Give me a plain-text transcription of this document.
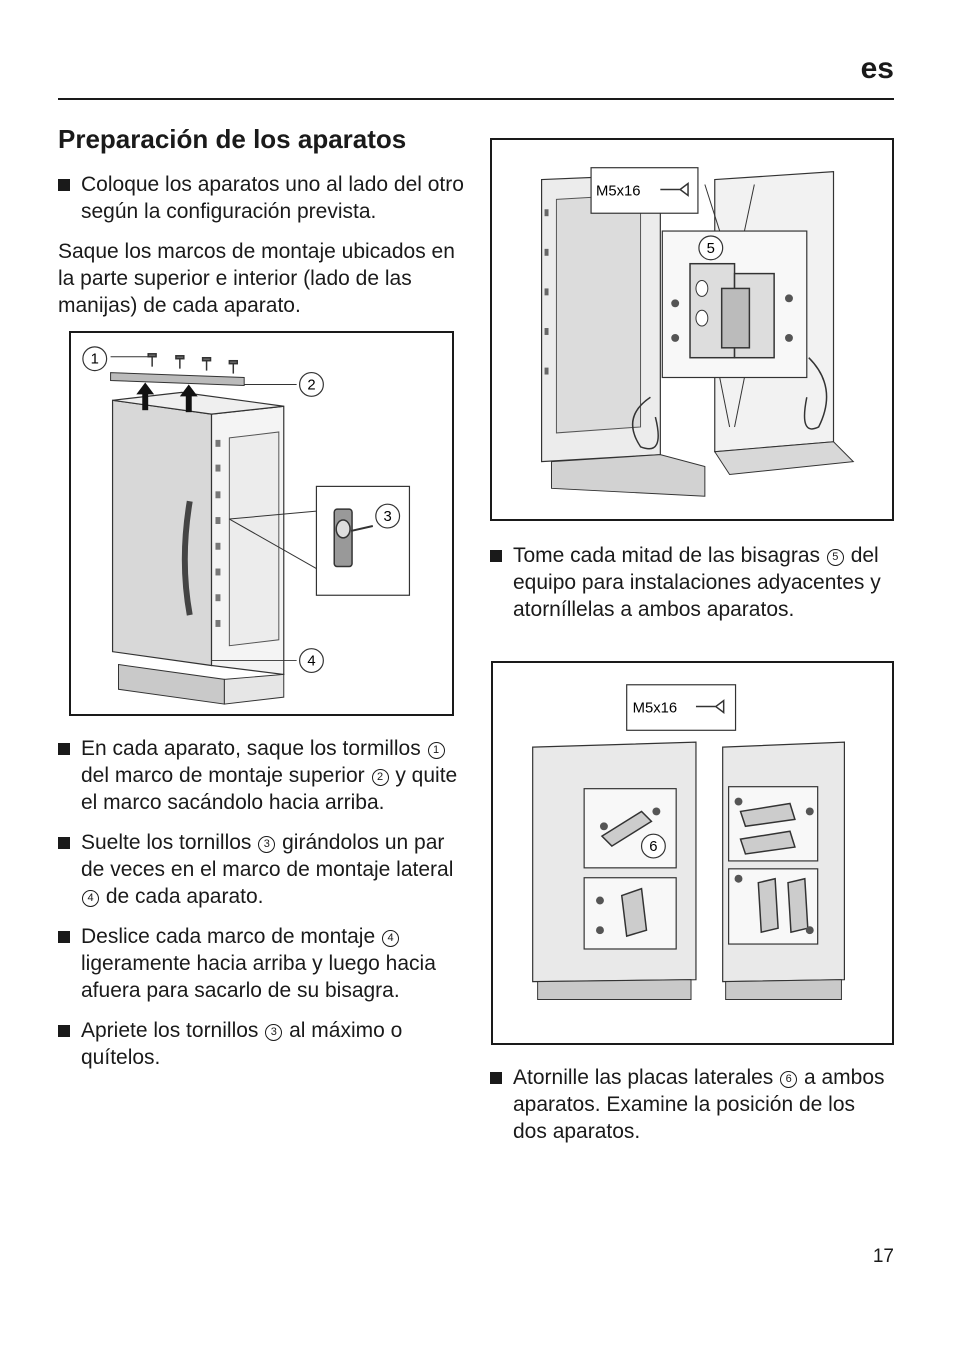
es
Preparación de los aparatos
Coloque los aparatos uno al lado del otro según la configuración prevista.

Saque los marcos de montaje ubicados en la parte superior e interior (lado de las manijas) de cada aparato.

1
2
3
4
En cada aparato, saque los tormillos 1 del marco de montaje superior 2 y quite el marco sacándolo hacia arriba.
Suelte los tornillos 3 girándolos un par de veces en el marco de montaje lateral 4 de cada aparato.
Deslice cada marco de montaje 4 ligeramente hacia arriba y luego hacia afuera para sacarlo de su bisagra.
Apriete los tornillos 3 al máximo o quítelos.
M5x16
5
Tome cada mitad de las bisagras 5 del equipo para instalaciones adyacentes y atorníllelas a ambos aparatos.
M5x16
6
Atornille las placas laterales 6 a ambos aparatos. Examine la posición de los dos aparatos.
17
